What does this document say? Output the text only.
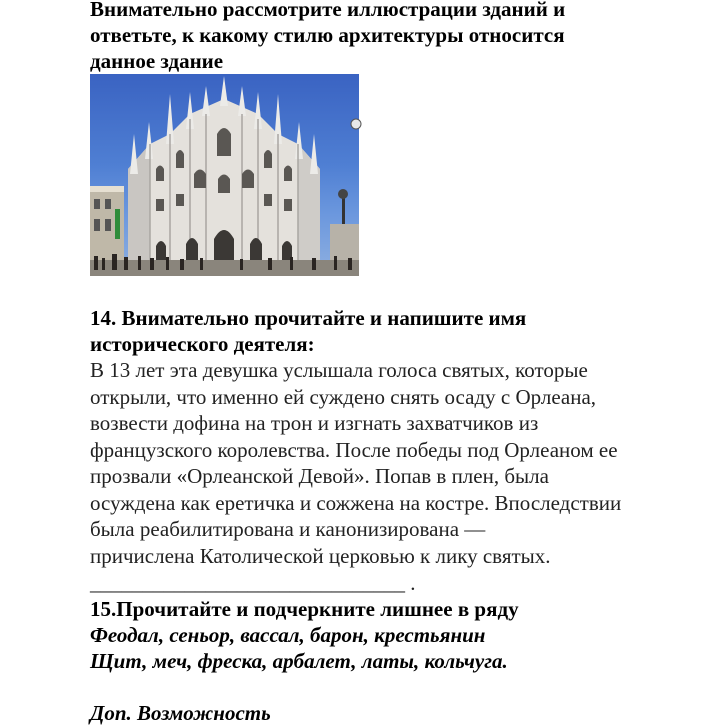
Внимательно рассмотрите иллюстрации зданий и
ответьте, к какому стилю архитектуры относится
данное здание
14. Внимательно прочитайте и напишите имя
исторического деятеля:
В 13 лет эта девушка услышала голоса святых, которые
открыли, что именно ей суждено снять осаду с Орлеана,
возвести дофина на трон и изгнать захватчиков из
французского королевства. После победы под Орлеаном ее
прозвали «Орлеанской Девой». Попав в плен, была
осуждена как еретичка и сожжена на костре. Впоследствии
была реабилитирована и канонизирована —
причислена Католической церковью к лику святых.
______________________________ .
15.Прочитайте и подчеркните лишнее в ряду
Феодал, сеньор, вассал, барон, крестьянин
Щит, меч, фреска, арбалет, латы, кольчуга.
Доп. Возможность
